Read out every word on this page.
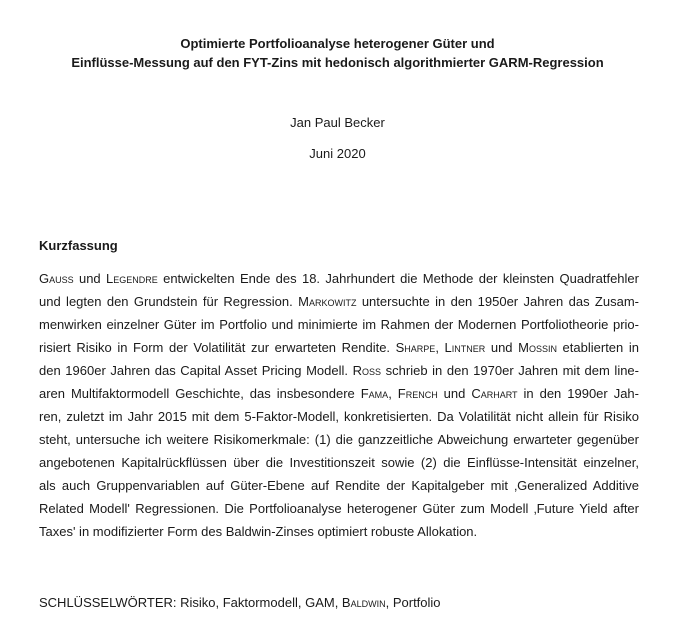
Optimierte Portfolioanalyse heterogener Güter und
Einflüsse-Messung auf den FYT-Zins mit hedonisch algorithmierter GARM-Regression
Jan Paul Becker
Juni 2020
Kurzfassung
Gauß und Legendre entwickelten Ende des 18. Jahrhundert die Methode der kleinsten Quadratfehler
und legten den Grundstein für Regression. Markowitz untersuchte in den 1950er Jahren das Zusam-
menwirken einzelner Güter im Portfolio und minimierte im Rahmen der Modernen Portfoliotheorie prio-
risiert Risiko in Form der Volatilität zur erwarteten Rendite. Sharpe, Lintner und Mossin etablierten in
den 1960er Jahren das Capital Asset Pricing Modell. Ross schrieb in den 1970er Jahren mit dem line-
aren Multifaktormodell Geschichte, das insbesondere Fama, French und Carhart in den 1990er Jah-
ren, zuletzt im Jahr 2015 mit dem 5-Faktor-Modell, konkretisierten. Da Volatilität nicht allein für Risiko
steht, untersuche ich weitere Risikomerkmale: (1) die ganzzeitliche Abweichung erwarteter gegenüber
angebotenen Kapitalrückflüssen über die Investitionszeit sowie (2) die Einflüsse-Intensität einzelner,
als auch Gruppenvariablen auf Güter-Ebene auf Rendite der Kapitalgeber mit ‚Generalized Additive
Related Modell' Regressionen. Die Portfolioanalyse heterogener Güter zum Modell ‚Future Yield after
Taxes' in modifizierter Form des Baldwin-Zinses optimiert robuste Allokation.
SCHLÜSSELWÖRTER: Risiko, Faktormodell, GAM, Baldwin, Portfolio
